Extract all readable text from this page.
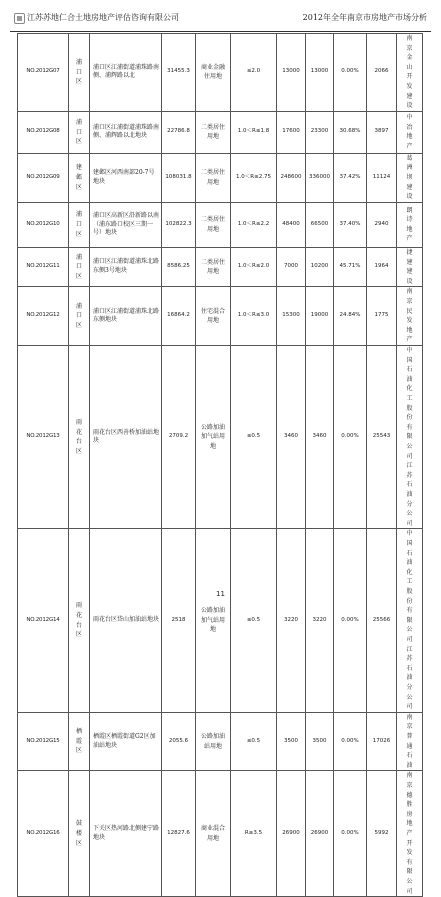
江苏苏地仁合土地房地产评估咨询有限公司	2012年全年南京市房地产市场分析
NO.2012G07	浦口区	浦口区江浦街道浦珠路南侧、浦辉路以北	31455.3	商业金融住用地	≤2.0	13000	13000	0.00%	2066	南京金山开发建设
NO.2012G08	浦口区	浦口区江浦街道浦珠路南侧、浦辉路以北地块	22786.8	二类居住用地	1.0＜R≤1.8	17600	23300	30.68%	3897	中冶地产
NO.2012G09	建邺区	建邺区河西南部20-7号地块	108031.8	二类居住用地	1.0＜R≤2.75	248600	336000	37.42%	11124	葛洲坝建设
NO.2012G10	浦口区	浦口区高新区沿新路以南（浦东路口校区三期一号）地块	102822.3	二类居住用地	1.0＜R≤2.2	48400	66500	37.40%	2940	朗诗地产
NO.2012G11	浦口区	浦口区江浦街道浦珠北路东侧3号地块	8586.25	二类居住用地	1.0＜R≤2.0	7000	10200	45.71%	1964	捷建建设
NO.2012G12	浦口区	浦口区江浦街道浦珠北路东侧地块	16864.2	住宅混合用地	1.0＜R≤3.0	15300	19000	24.84%	1775	南京民发地产
NO.2012G13	雨花台区	雨花台区西善桥加油站地块	2709.2	公路加油加气站用地	≤0.5	3460	3460	0.00%	25543	中国石油化工股份有限公司江苏石油分公司
NO.2012G14	雨花台区	雨花台区岱山加油站地块	2518	公路加油加气站用地	≤0.5	3220	3220	0.00%	25566	中国石油化工股份有限公司江苏石油分公司
NO.2012G15	栖霞区	栖霞区栖霞街道G2区加油站地块	2055.6	公路加油站用地	≤0.5	3500	3500	0.00%	17026	南京普通石油
NO.2012G16	鼓楼区	下关区热河路北侧建宁路地块	12827.6	商业混合用地	R≥3.5	26900	26900	0.00%	5992	南京德胜房地产开发有限公司
11
